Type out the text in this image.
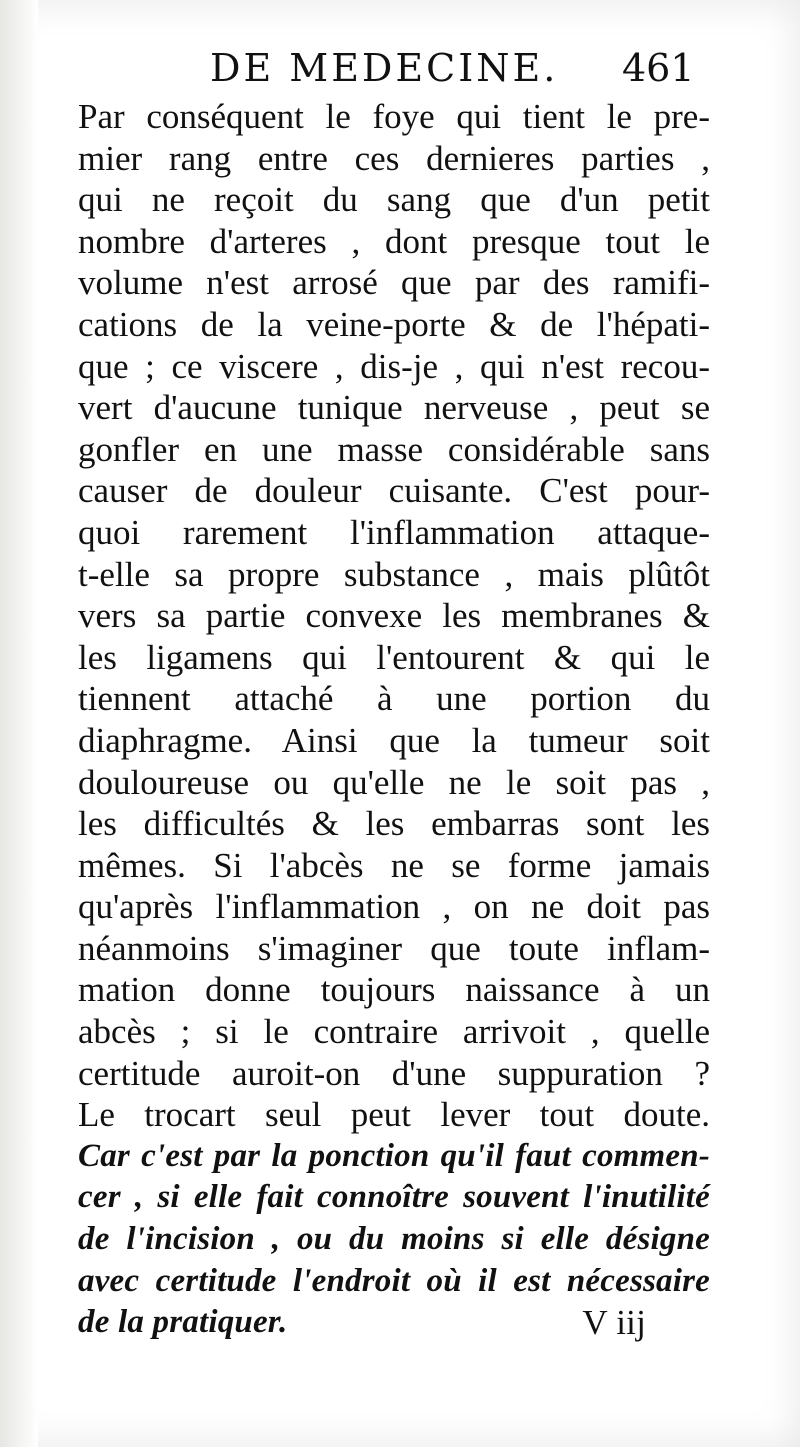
DE MEDECINE. 461
Par conséquent le foye qui tient le pre-
mier rang entre ces dernieres parties ,
qui ne reçoit du sang que d'un petit
nombre d'arteres , dont presque tout le
volume n'est arrosé que par des ramifi-
cations de la veine-porte & de l'hépati-
que ; ce viscere , dis-je , qui n'est recou-
vert d'aucune tunique nerveuse , peut se
gonfler en une masse considérable sans
causer de douleur cuisante. C'est pour-
quoi rarement l'inflammation attaque-
t-elle sa propre substance , mais plûtôt
vers sa partie convexe les membranes &
les ligamens qui l'entourent & qui le
tiennent attaché à une portion du
diaphragme. Ainsi que la tumeur soit
douloureuse ou qu'elle ne le soit pas ,
les difficultés & les embarras sont les
mêmes. Si l'abcès ne se forme jamais
qu'après l'inflammation , on ne doit pas
néanmoins s'imaginer que toute inflam-
mation donne toujours naissance à un
abcès ; si le contraire arrivoit , quelle
certitude auroit-on d'une suppuration ?
Le trocart seul peut lever tout doute.
Car c'est par la ponction qu'il faut commen-
cer , si elle fait connoître souvent l'inutilité
de l'incision , ou du moins si elle désigne
avec certitude l'endroit où il est nécessaire
de la pratiquer.	V iij
